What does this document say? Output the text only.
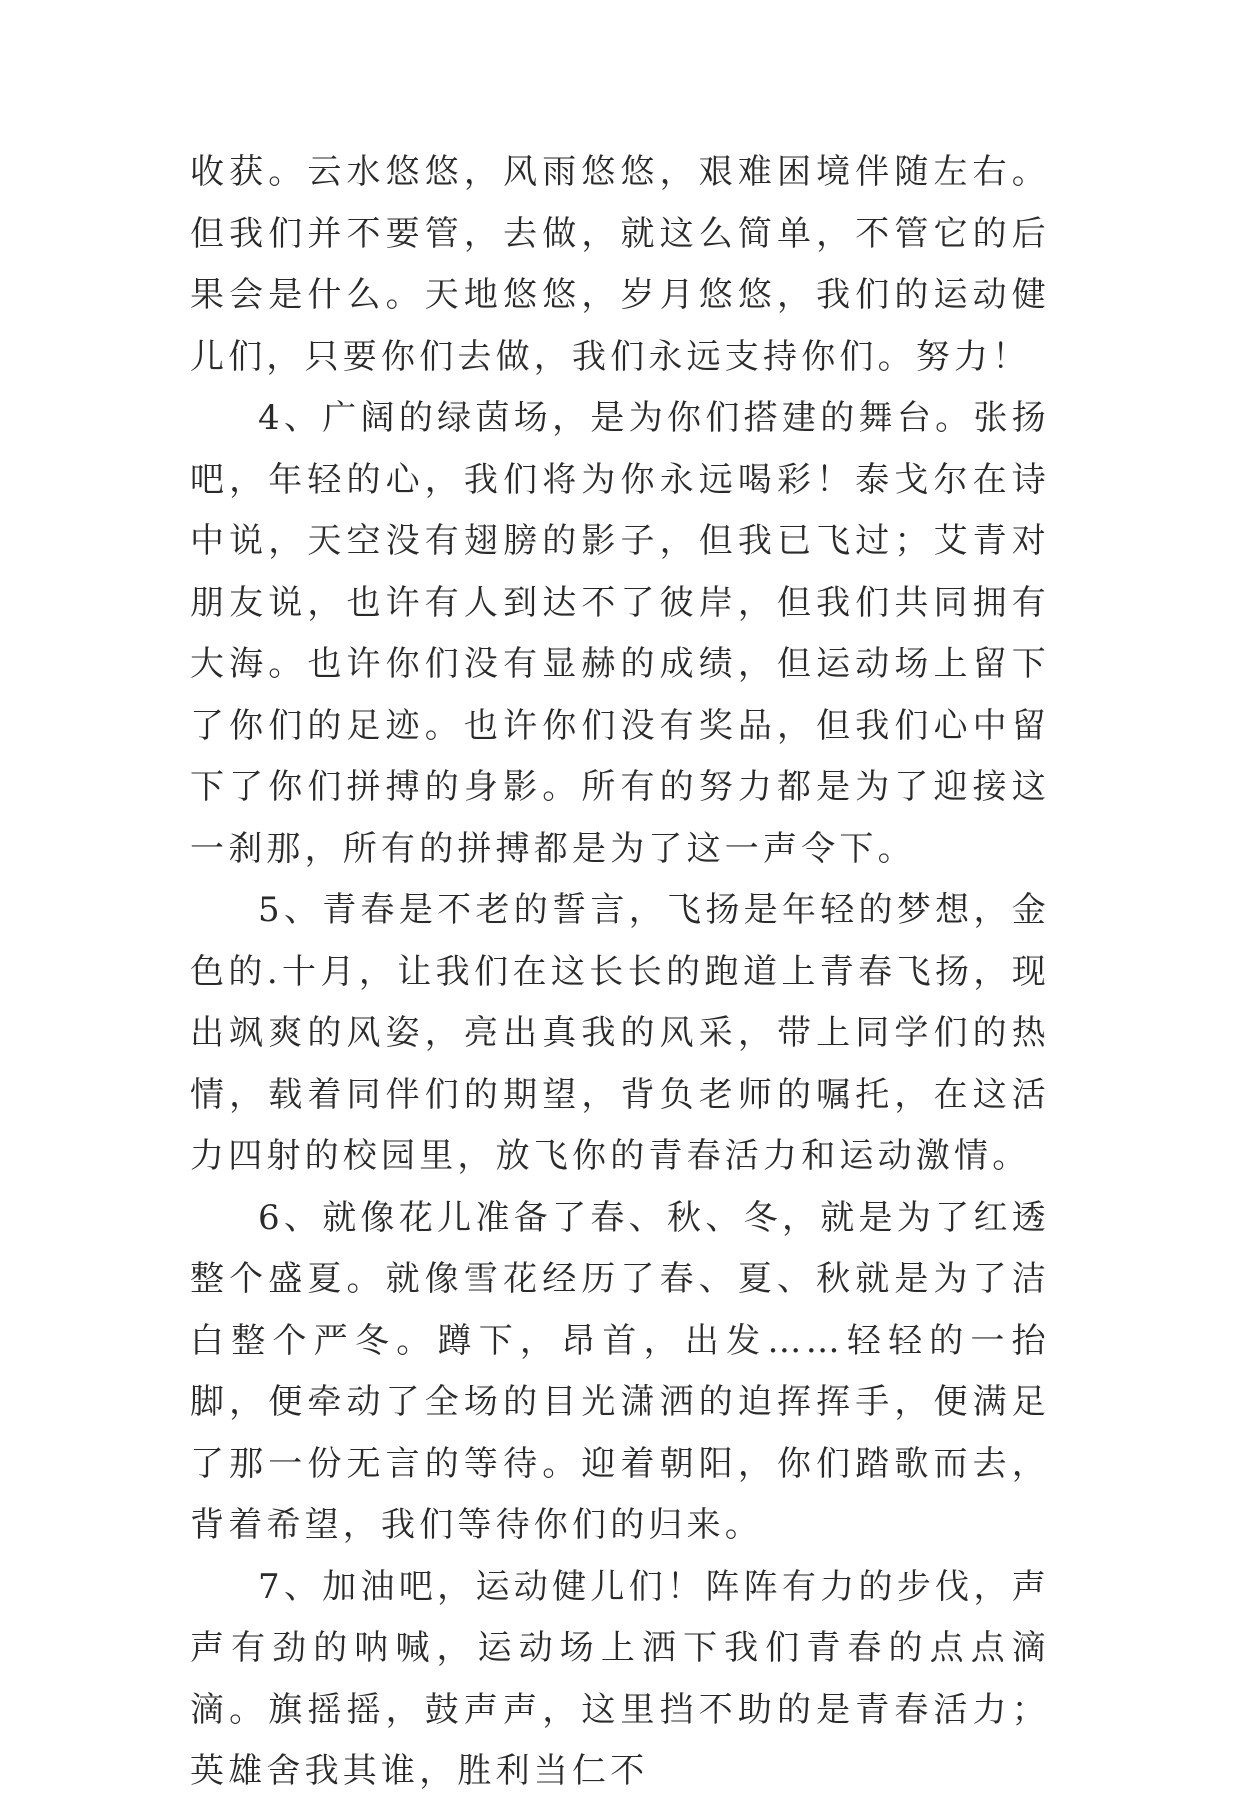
收获。云水悠悠，风雨悠悠，艰难困境伴随左右。但我们并不要管，去做，就这么简单，不管它的后果会是什么。天地悠悠，岁月悠悠，我们的运动健儿们，只要你们去做，我们永远支持你们。努力！

4、广阔的绿茵场，是为你们搭建的舞台。张扬吧，年轻的心，我们将为你永远喝彩！泰戈尔在诗中说，天空没有翅膀的影子，但我已飞过；艾青对朋友说，也许有人到达不了彼岸，但我们共同拥有大海。也许你们没有显赫的成绩，但运动场上留下了你们的足迹。也许你们没有奖品，但我们心中留下了你们拼搏的身影。所有的努力都是为了迎接这一刹那，所有的拼搏都是为了这一声令下。

5、青春是不老的誓言，飞扬是年轻的梦想，金色的.十月，让我们在这长长的跑道上青春飞扬，现出飒爽的风姿，亮出真我的风采，带上同学们的热情，载着同伴们的期望，背负老师的嘱托，在这活力四射的校园里，放飞你的青春活力和运动激情。

6、就像花儿准备了春、秋、冬，就是为了红透整个盛夏。就像雪花经历了春、夏、秋就是为了洁白整个严冬。蹲下，昂首，出发……轻轻的一抬脚，便牵动了全场的目光潇洒的迫挥挥手，便满足了那一份无言的等待。迎着朝阳，你们踏歌而去，背着希望，我们等待你们的归来。

7、加油吧，运动健儿们！阵阵有力的步伐，声声有劲的呐喊，运动场上洒下我们青春的点点滴滴。旗摇摇，鼓声声，这里挡不助的是青春活力；英雄舍我其谁，胜利当仁不
